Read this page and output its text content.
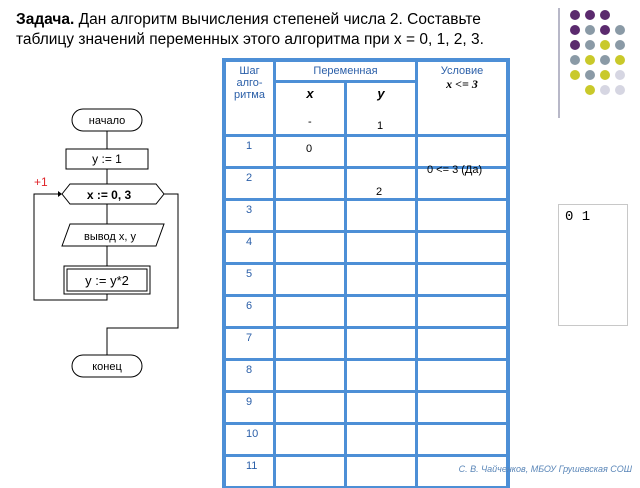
Задача. Дан алгоритм вычисления степеней числа 2. Составьте таблицу значений переменных этого алгоритма при x = 0, 1, 2, 3.
начало
y := 1
x := 0, 3
+1
вывод x, y
y := y*2
конец
Шаг алго-ритма
Переменная
x	y
Условие
x <= 3
1
2
3
4
5
6
7
8
9
10
11
-	1
0
0 <= 3 (Да)
2
0 1
С. В. Чайченков, МБОУ Грушевская СОШ
